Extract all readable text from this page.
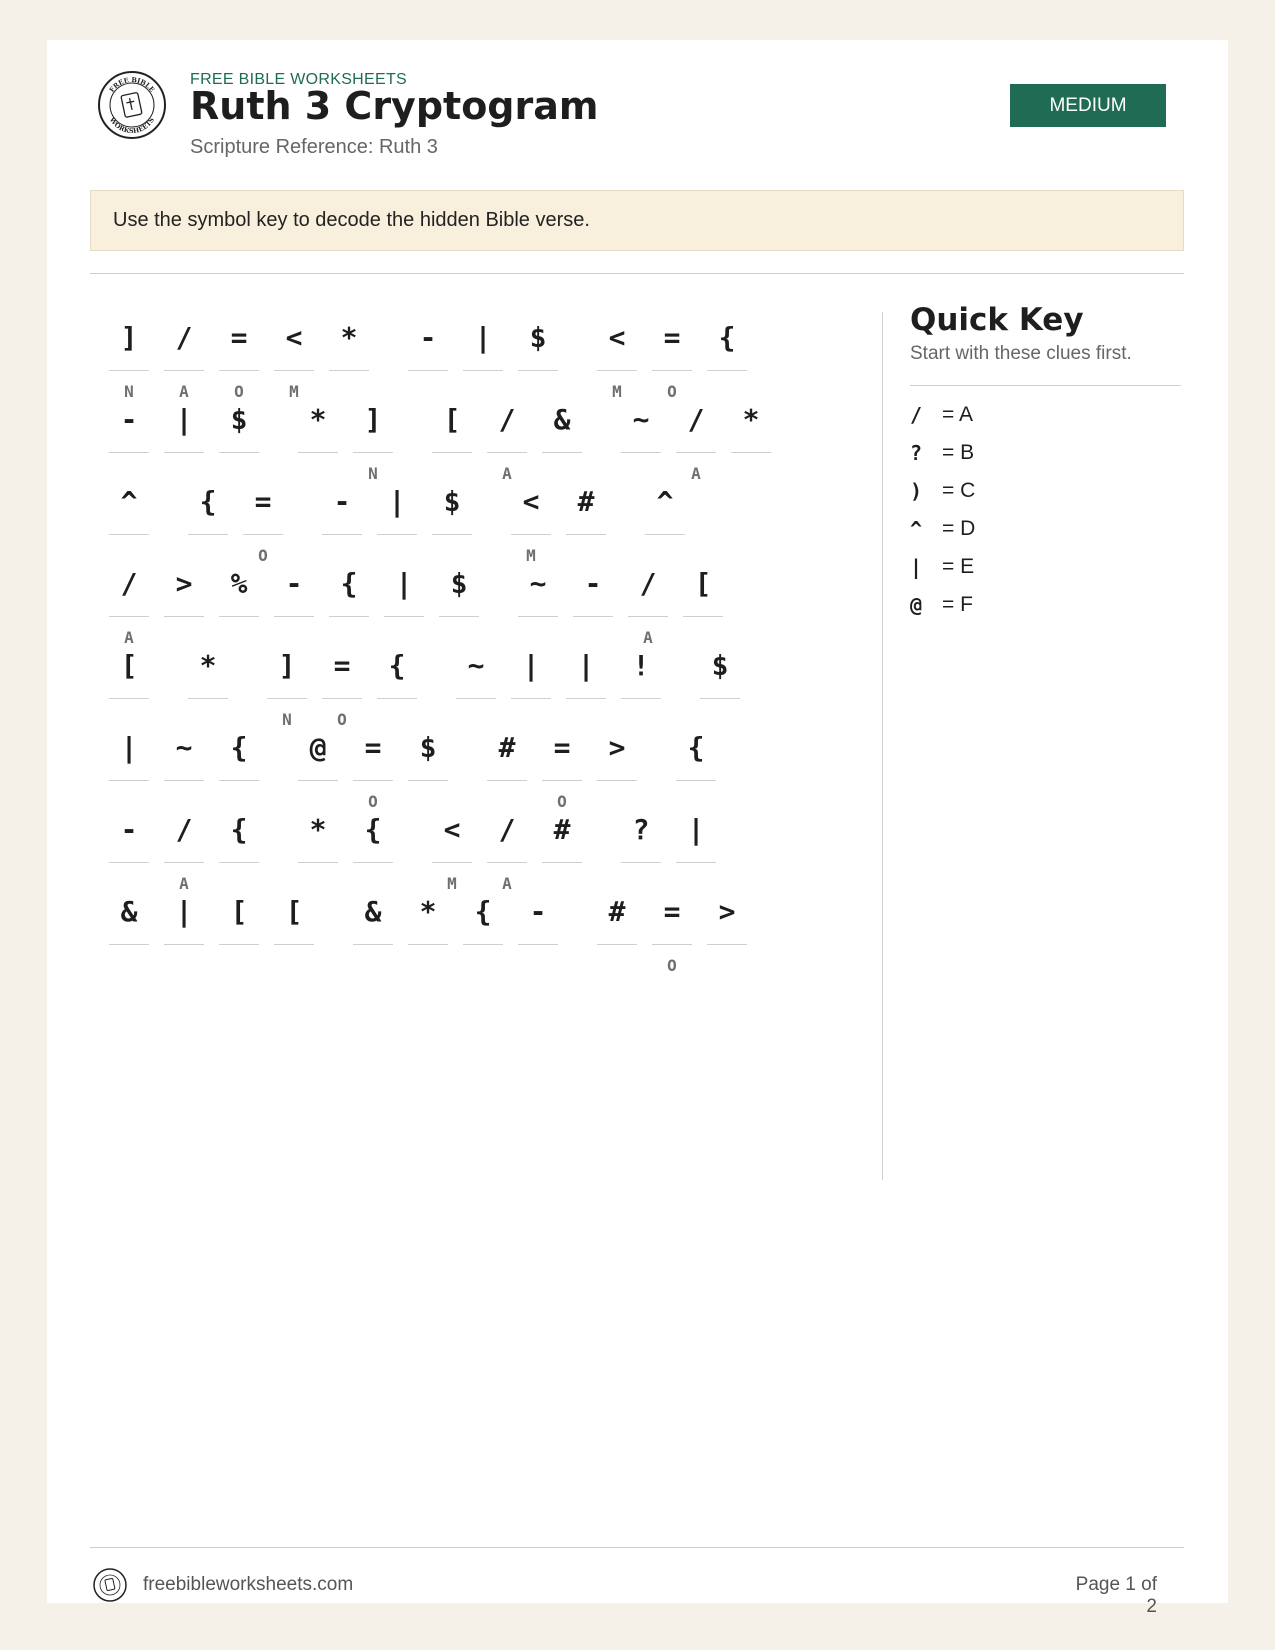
FREE BIBLE
WORKSHEETS
FREE BIBLE WORKSHEETS
Ruth 3 Cryptogram
Scripture Reference: Ruth 3
MEDIUM
Use the symbol key to decode the hidden Bible verse.
]
N
/
A
=
O
<
M
*	-	|	$	<
M
=
O
{
-	|	$	*	]
N
[	/
A
&	~	/
A
*
^	{	=
O
-	|	$	<
M
#	^
/
A
>	%	-	{	|	$	~	-	/
A
[
[	*	]
N
=
O
{	~	|	|	!	$
|	~	{	@	=
O
$	#	=
O
>	{
-	/
A
{	*	{	<
M
/
A
#	?	|
&	|	[	[	&	*	{	-	#	=
O
>
Quick Key
Start with these clues first.
/ = A
? = B
) = C
^ = D
| = E
@ = F
freebibleworksheets.com	Page 1 of 2
